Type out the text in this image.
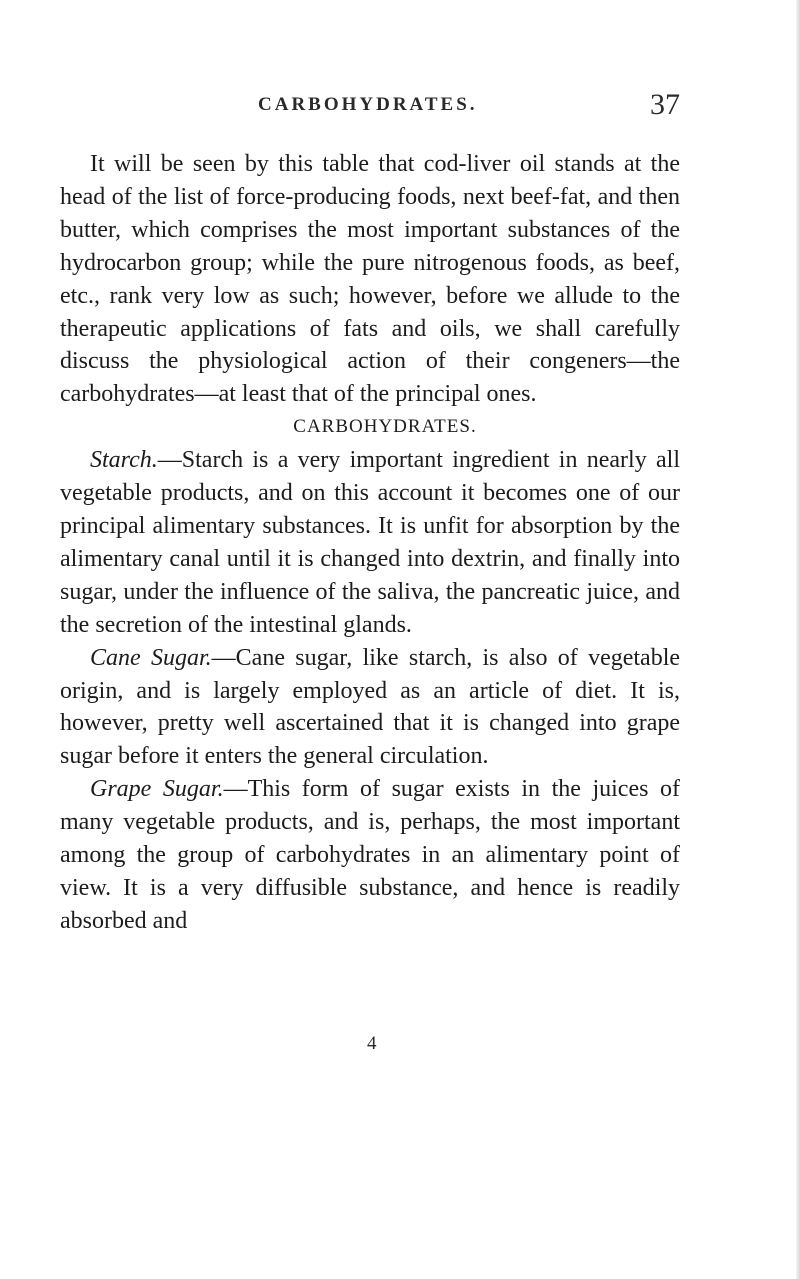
CARBOHYDRATES.	37

It will be seen by this table that cod-liver oil stands at the head of the list of force-producing foods, next beef-fat, and then butter, which comprises the most important substances of the hydrocarbon group; while the pure nitrogenous foods, as beef, etc., rank very low as such; however, before we allude to the therapeutic applications of fats and oils, we shall carefully discuss the physiological action of their congeners—the carbohydrates—at least that of the principal ones.

CARBOHYDRATES.

Starch.—Starch is a very important ingredient in nearly all vegetable products, and on this account it becomes one of our principal alimentary substances. It is unfit for absorption by the alimentary canal until it is changed into dextrin, and finally into sugar, under the influence of the saliva, the pancreatic juice, and the secretion of the intestinal glands.

Cane Sugar.—Cane sugar, like starch, is also of vegetable origin, and is largely employed as an article of diet. It is, however, pretty well ascertained that it is changed into grape sugar before it enters the general circulation.

Grape Sugar.—This form of sugar exists in the juices of many vegetable products, and is, perhaps, the most important among the group of carbohydrates in an alimentary point of view. It is a very diffusible substance, and hence is readily absorbed and

4
